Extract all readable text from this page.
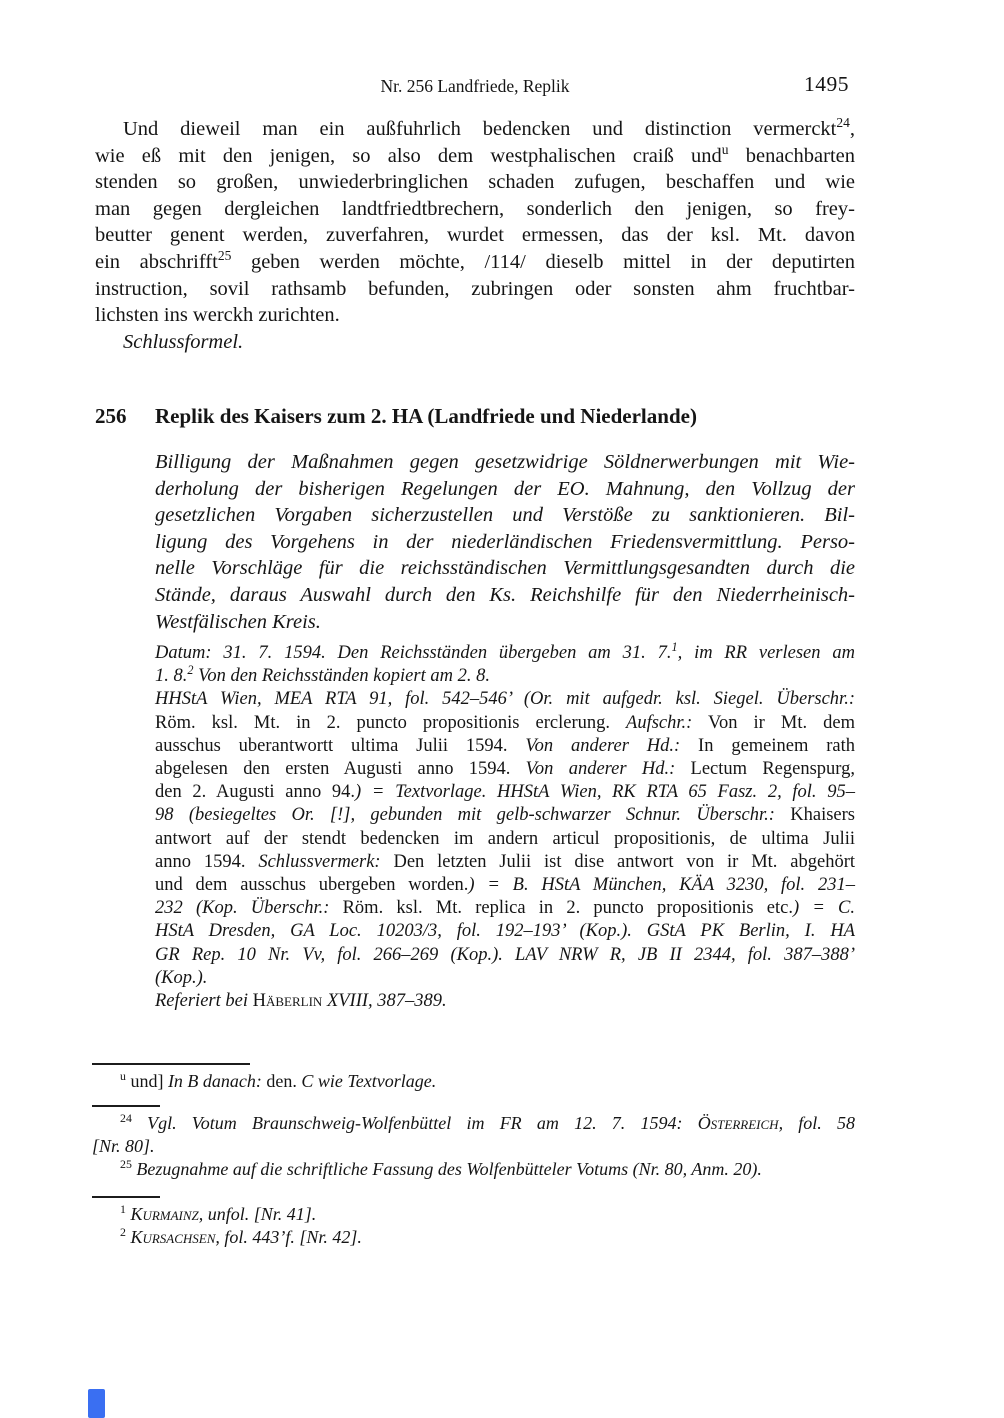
Nr. 256 Landfriede, Replik	1495
Und dieweil man ein außfuhrlich bedencken und distinction vermerckt$^{24}$,
wie eß mit den jenigen, so also dem westphalischen craiß und$^u$ benachbarten
stenden so großen, unwiederbringlichen schaden zufugen, beschaffen und wie
man gegen dergleichen landtfriedtbrechern, sonderlich den jenigen, so frey-
beutter genent werden, zuverfahren, wurdet ermessen, das der ksl. Mt. davon
ein abschrifft$^{25}$ geben werden möchte, /114/ dieselb mittel in der deputirten
instruction, sovil rathsamb befunden, zubringen oder sonsten ahm fruchtbar-
lichsten ins werckh zurichten.
Schlussformel.
256 Replik des Kaisers zum 2. HA (Landfriede und Niederlande)
Billigung der Maßnahmen gegen gesetzwidrige Söldnerwerbungen mit Wie-
derholung der bisherigen Regelungen der EO. Mahnung, den Vollzug der
gesetzlichen Vorgaben sicherzustellen und Verstöße zu sanktionieren. Bil-
ligung des Vorgehens in der niederländischen Friedensvermittlung. Perso-
nelle Vorschläge für die reichsständischen Vermittlungsgesandten durch die
Stände, daraus Auswahl durch den Ks. Reichshilfe für den Niederrheinisch-
Westfälischen Kreis.
Datum: 31. 7. 1594. Den Reichsständen übergeben am 31. 7.$^1$, im RR verlesen am
1. 8.$^2$ Von den Reichsständen kopiert am 2. 8.
HHStA Wien, MEA RTA 91, fol. 542–546’ (Or. mit aufgedr. ksl. Siegel. Überschr.:
Röm. ksl. Mt. in 2. puncto propositionis erclerung. Aufschr.: Von ir Mt. dem
ausschus uberantwortt ultima Julii 1594. Von anderer Hd.: In gemeinem rath
abgelesen den ersten Augusti anno 1594. Von anderer Hd.: Lectum Regenspurg,
den 2. Augusti anno 94.) = Textvorlage. HHStA Wien, RK RTA 65 Fasz. 2, fol. 95–
98 (besiegeltes Or. [!], gebunden mit gelb-schwarzer Schnur. Überschr.: Khaisers
antwort auf der stendt bedencken im andern articul propositionis, de ultima Julii
anno 1594. Schlussvermerk: Den letzten Julii ist dise antwort von ir Mt. abgehört
und dem ausschus ubergeben worden.) = B. HStA München, KÄA 3230, fol. 231–
232 (Kop. Überschr.: Röm. ksl. Mt. replica in 2. puncto propositionis etc.) = C.
HStA Dresden, GA Loc. 10203/3, fol. 192–193’ (Kop.). GStA PK Berlin, I. HA
GR Rep. 10 Nr. Vv, fol. 266–269 (Kop.). LAV NRW R, JB II 2344, fol. 387–388’
(Kop.).
Referiert bei Häberlin XVIII, 387–389.
$^u$ und] In B danach: den. C wie Textvorlage.
$^{24}$ Vgl. Votum Braunschweig-Wolfenbüttel im FR am 12. 7. 1594: Österreich, fol. 58
[Nr. 80].
$^{25}$ Bezugnahme auf die schriftliche Fassung des Wolfenbütteler Votums (Nr. 80, Anm. 20).
$^1$ Kurmainz, unfol. [Nr. 41].
$^2$ Kursachsen, fol. 443’f. [Nr. 42].
